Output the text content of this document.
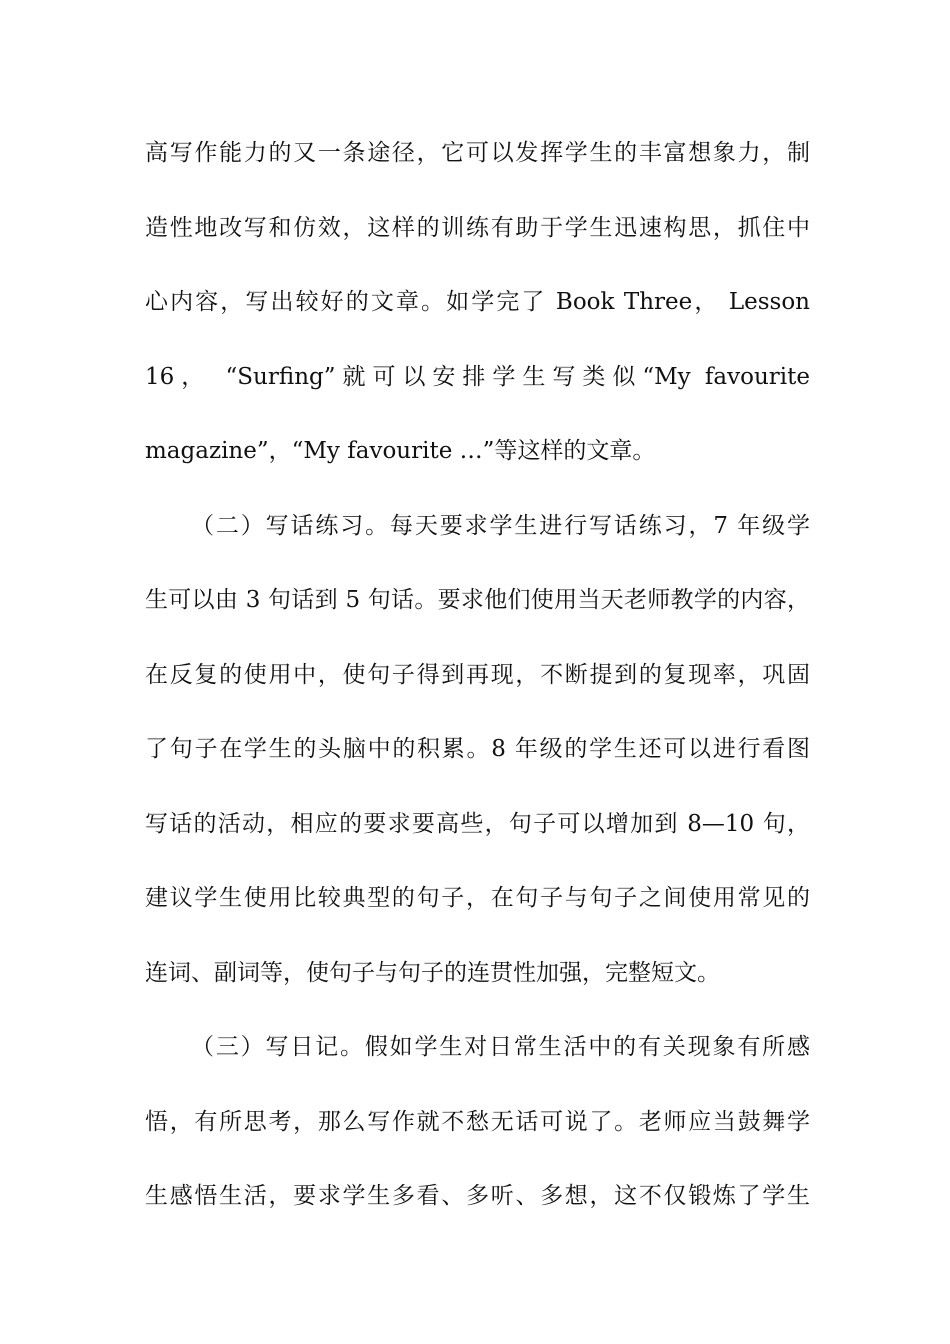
高写作能力的又一条途径，它可以发挥学生的丰富想象力，制
造性地改写和仿效，这样的训练有助于学生迅速构思，抓住中
心内容，写出较好的文章。如学完了 Book Three， Lesson
16， “Surfing”就可以安排学生写类似“My favourite
magazine”，“My favourite …”等这样的文章。
（二）写话练习。每天要求学生进行写话练习，7 年级学
生可以由 3 句话到 5 句话。要求他们使用当天老师教学的内容，
在反复的使用中，使句子得到再现，不断提到的复现率，巩固
了句子在学生的头脑中的积累。8 年级的学生还可以进行看图
写话的活动，相应的要求要高些，句子可以增加到 8—10 句，
建议学生使用比较典型的句子，在句子与句子之间使用常见的
连词、副词等，使句子与句子的连贯性加强，完整短文。
（三）写日记。假如学生对日常生活中的有关现象有所感
悟，有所思考，那么写作就不愁无话可说了。老师应当鼓舞学
生感悟生活，要求学生多看、多听、多想，这不仅锻炼了学生
